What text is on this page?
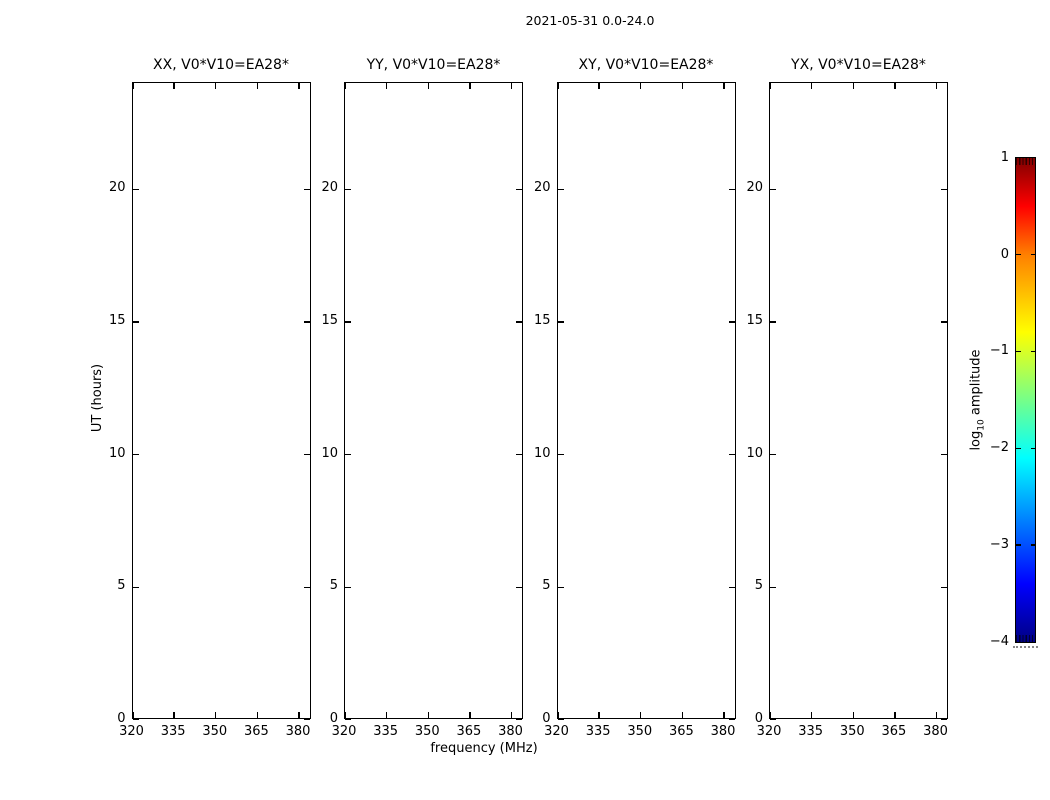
2021-05-31 0.0-24.0
XX, V0*V10=EA28*
320	335	350	365	380
0
5
10
15
20
YY, V0*V10=EA28*
320	335	350	365	380
0
5
10
15
20
XY, V0*V10=EA28*
320	335	350	365	380
0
5
10
15
20
YX, V0*V10=EA28*
320	335	350	365	380
0
5
10
15
20
frequency (MHz)
UT (hours)
$\log_{10}$ amplitude
1
0
−1
−2
−3
−4
